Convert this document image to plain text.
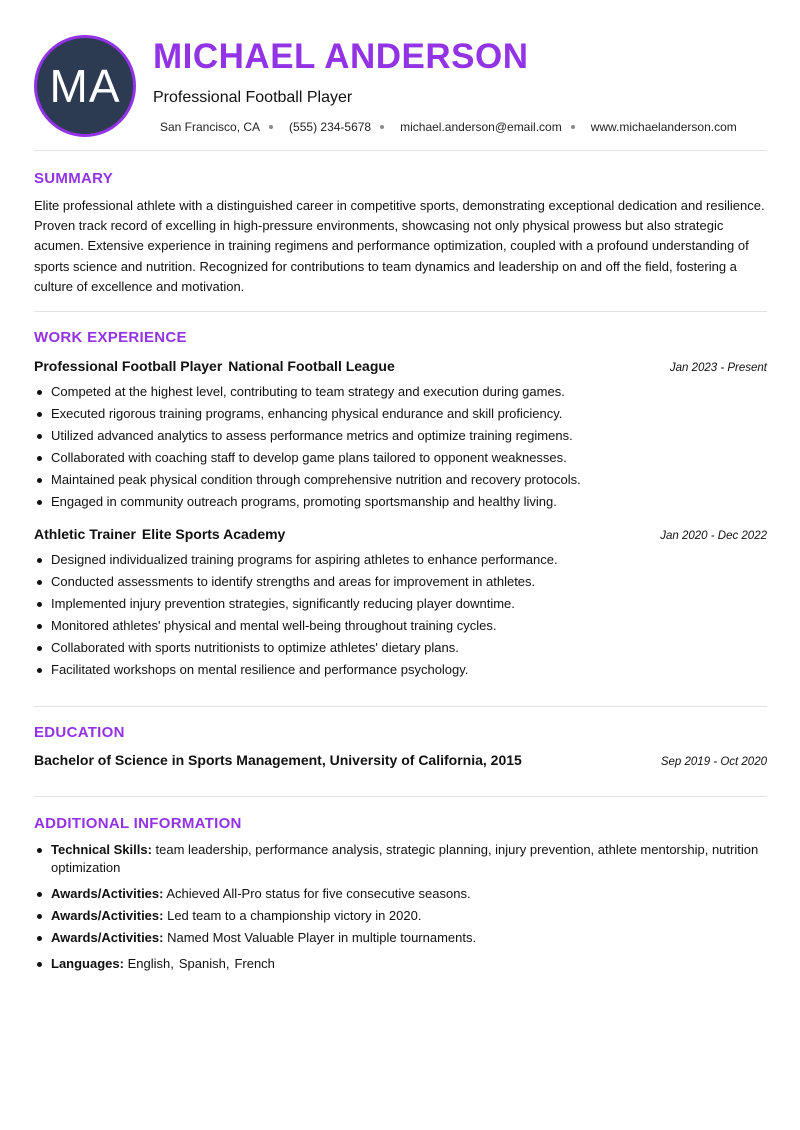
MA
MICHAEL ANDERSON
Professional Football Player
San Francisco, CA (555) 234-5678 michael.anderson@email.com www.michaelanderson.com
SUMMARY

Elite professional athlete with a distinguished career in competitive sports, demonstrating exceptional dedication and resilience. Proven track record of excelling in high-pressure environments, showcasing not only physical prowess but also strategic acumen. Extensive experience in training regimens and performance optimization, coupled with a profound understanding of sports science and nutrition. Recognized for contributions to team dynamics and leadership on and off the field, fostering a culture of excellence and motivation.

WORK EXPERIENCE
Professional Football Player National Football League	Jan 2023 - Present
Competed at the highest level, contributing to team strategy and execution during games.
Executed rigorous training programs, enhancing physical endurance and skill proficiency.
Utilized advanced analytics to assess performance metrics and optimize training regimens.
Collaborated with coaching staff to develop game plans tailored to opponent weaknesses.
Maintained peak physical condition through comprehensive nutrition and recovery protocols.
Engaged in community outreach programs, promoting sportsmanship and healthy living.
Athletic Trainer Elite Sports Academy	Jan 2020 - Dec 2022
Designed individualized training programs for aspiring athletes to enhance performance.
Conducted assessments to identify strengths and areas for improvement in athletes.
Implemented injury prevention strategies, significantly reducing player downtime.
Monitored athletes' physical and mental well-being throughout training cycles.
Collaborated with sports nutritionists to optimize athletes' dietary plans.
Facilitated workshops on mental resilience and performance psychology.
EDUCATION
Bachelor of Science in Sports Management, University of California, 2015	Sep 2019 - Oct 2020
ADDITIONAL INFORMATION
Technical Skills: team leadership, performance analysis, strategic planning, injury prevention, athlete mentorship, nutrition optimization
Awards/Activities: Achieved All-Pro status for five consecutive seasons.
Awards/Activities: Led team to a championship victory in 2020.
Awards/Activities: Named Most Valuable Player in multiple tournaments.
Languages: English, Spanish, French
